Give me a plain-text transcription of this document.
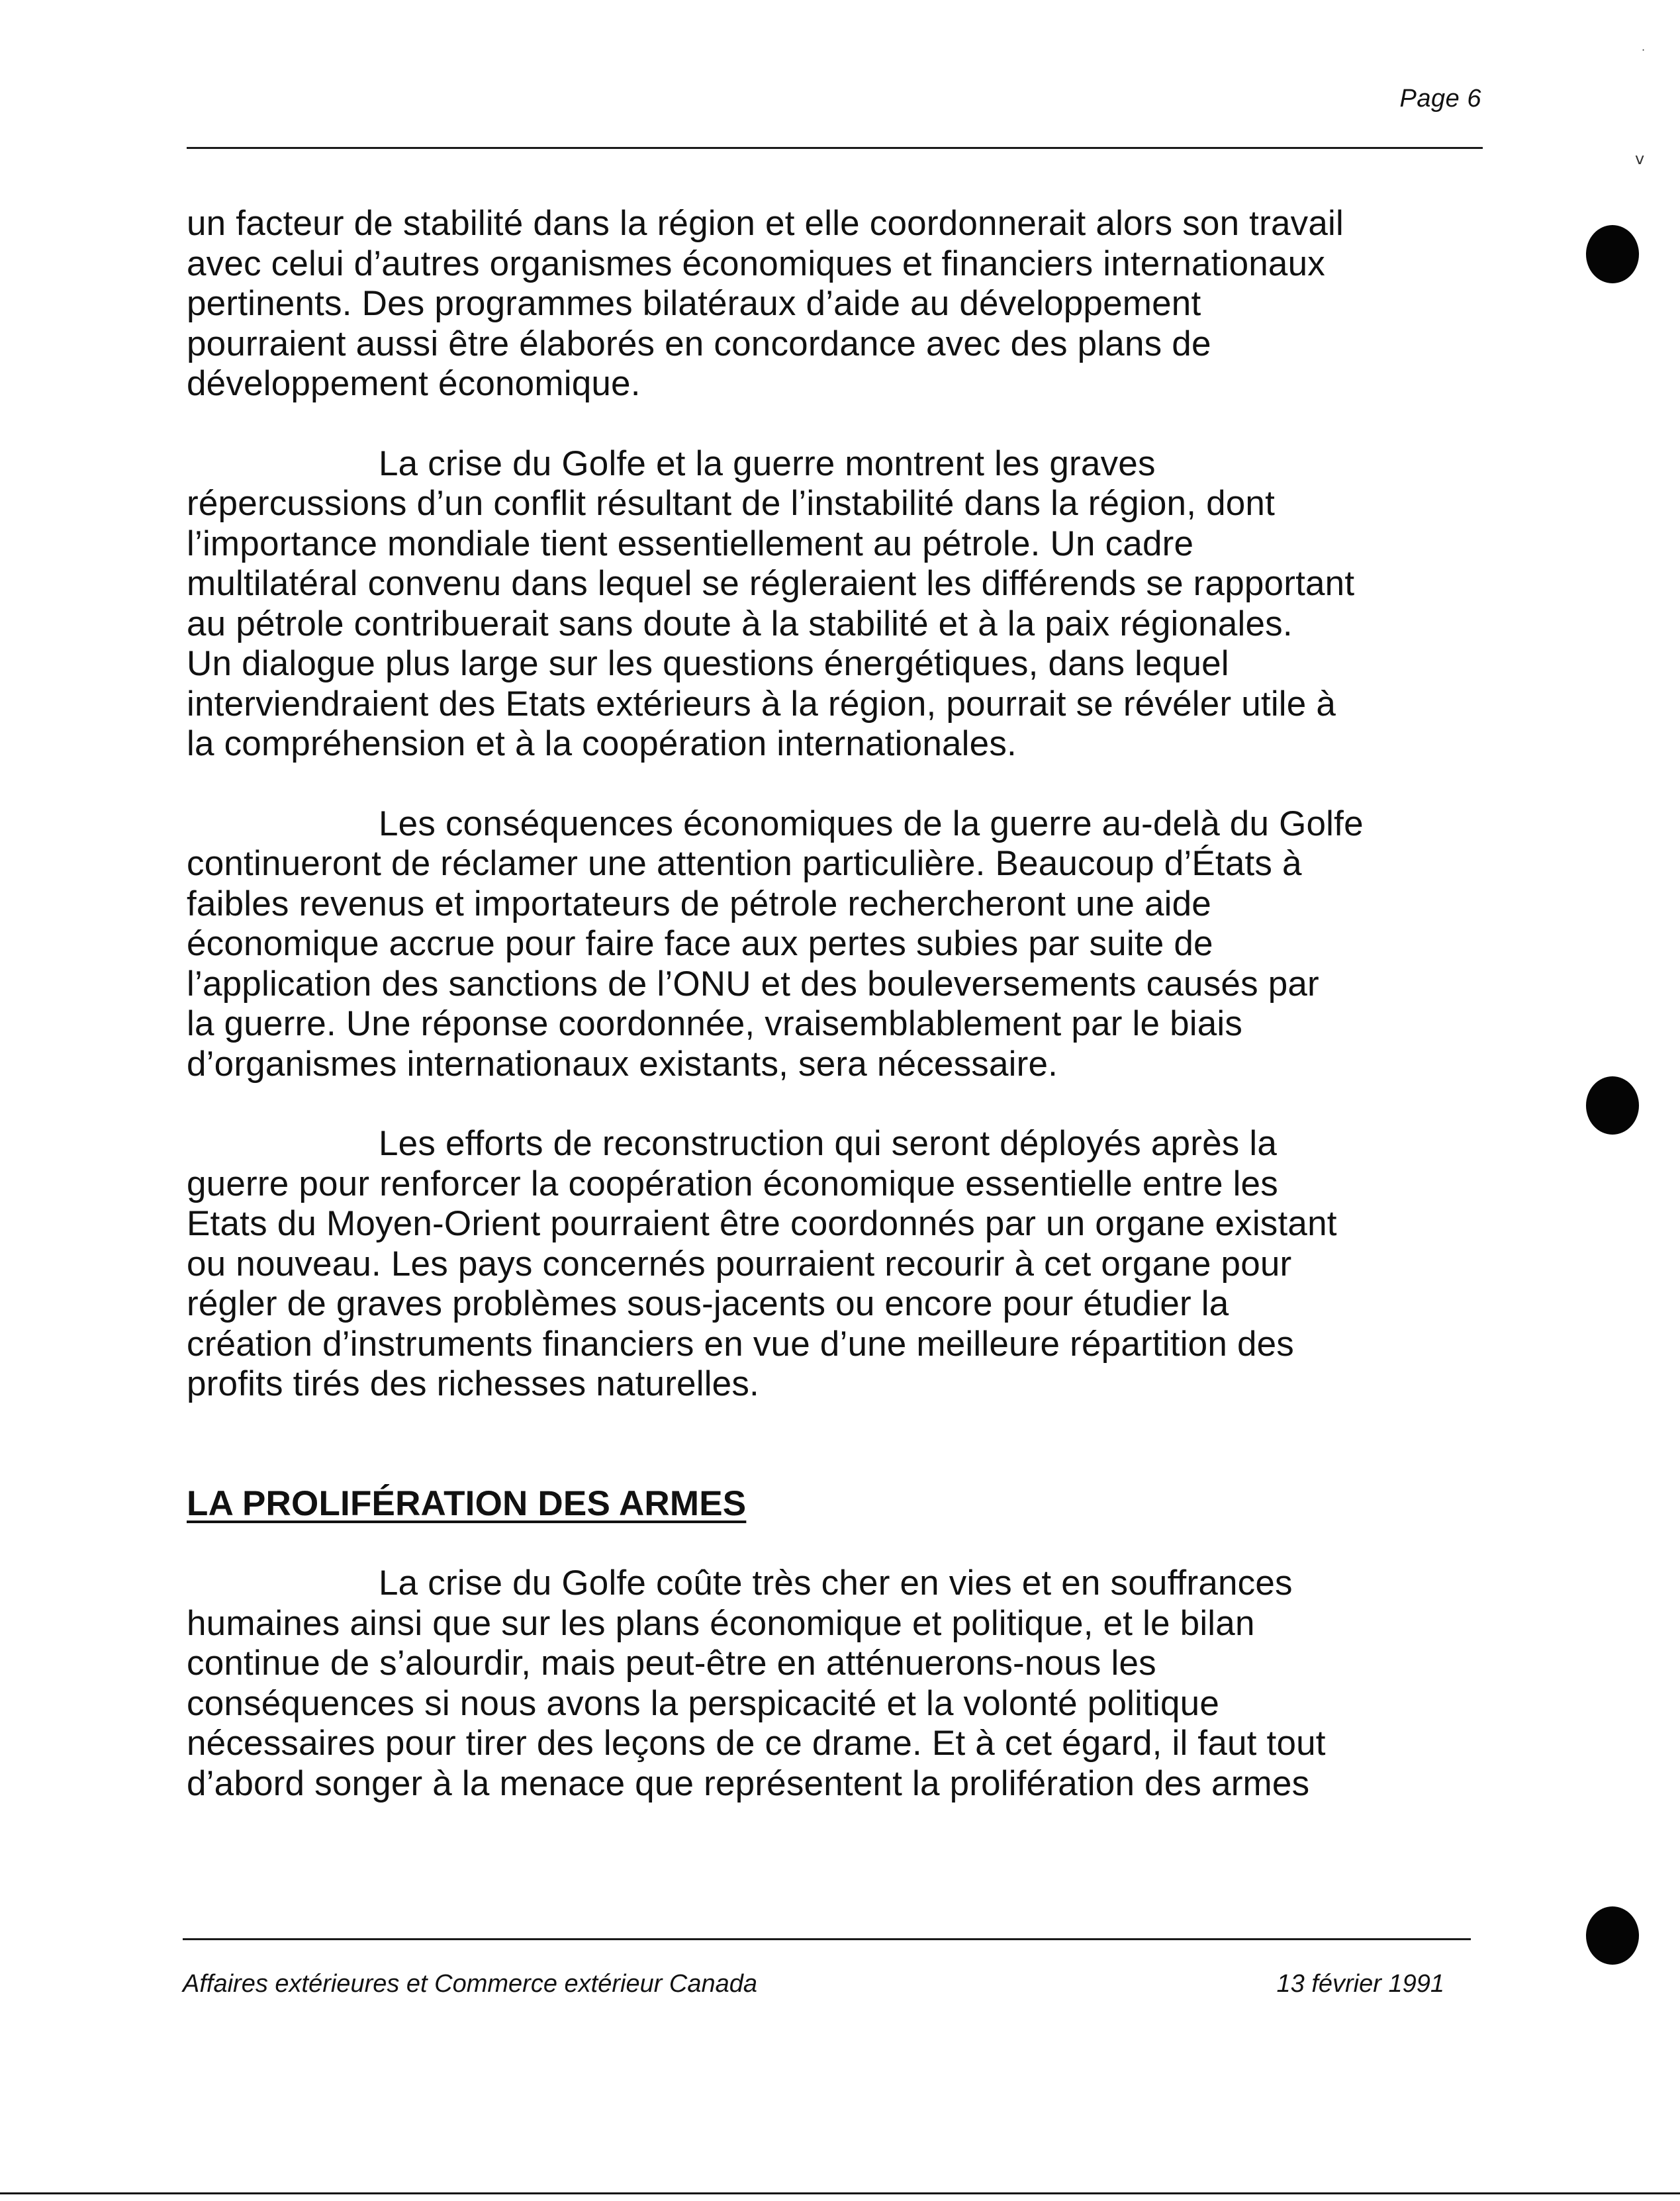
Page 6

un facteur de stabilité dans la région et elle coordonnerait alors son travail
avec celui d’autres organismes économiques et financiers internationaux
pertinents. Des programmes bilatéraux d’aide au développement
pourraient aussi être élaborés en concordance avec des plans de
développement économique.

La crise du Golfe et la guerre montrent les graves
répercussions d’un conflit résultant de l’instabilité dans la région, dont
l’importance mondiale tient essentiellement au pétrole. Un cadre
multilatéral convenu dans lequel se régleraient les différends se rapportant
au pétrole contribuerait sans doute à la stabilité et à la paix régionales.
Un dialogue plus large sur les questions énergétiques, dans lequel
interviendraient des Etats extérieurs à la région, pourrait se révéler utile à
la compréhension et à la coopération internationales.

Les conséquences économiques de la guerre au-delà du Golfe
continueront de réclamer une attention particulière. Beaucoup d’États à
faibles revenus et importateurs de pétrole rechercheront une aide
économique accrue pour faire face aux pertes subies par suite de
l’application des sanctions de l’ONU et des bouleversements causés par
la guerre. Une réponse coordonnée, vraisemblablement par le biais
d’organismes internationaux existants, sera nécessaire.

Les efforts de reconstruction qui seront déployés après la
guerre pour renforcer la coopération économique essentielle entre les
Etats du Moyen-Orient pourraient être coordonnés par un organe existant
ou nouveau. Les pays concernés pourraient recourir à cet organe pour
régler de graves problèmes sous-jacents ou encore pour étudier la
création d’instruments financiers en vue d’une meilleure répartition des
profits tirés des richesses naturelles.

LA PROLIFÉRATION DES ARMES

La crise du Golfe coûte très cher en vies et en souffrances
humaines ainsi que sur les plans économique et politique, et le bilan
continue de s’alourdir, mais peut-être en atténuerons-nous les
conséquences si nous avons la perspicacité et la volonté politique
nécessaires pour tirer des leçons de ce drame. Et à cet égard, il faut tout
d’abord songer à la menace que représentent la prolifération des armes

Affaires extérieures et Commerce extérieur Canada	13 février 1991
ⅴ
·
